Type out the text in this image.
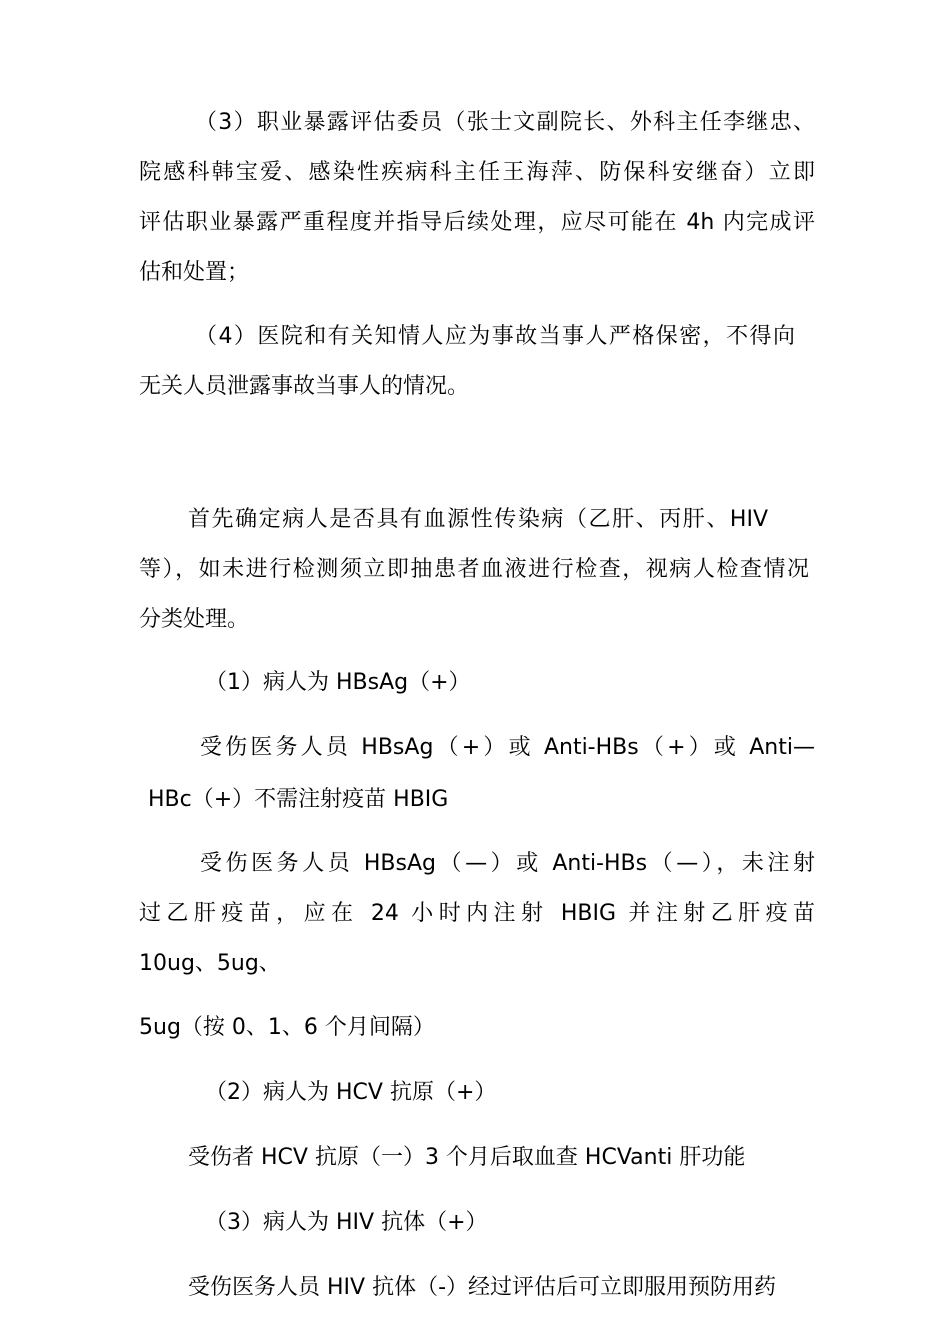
（3）职业暴露评估委员（张士文副院长、外科主任李继忠、
院感科韩宝爱、感染性疾病科主任王海萍、防保科安继奋）立即
评估职业暴露严重程度并指导后续处理，应尽可能在 4h 内完成评
估和处置；
（4）医院和有关知情人应为事故当事人严格保密，不得向
无关人员泄露事故当事人的情况。
首先确定病人是否具有血源性传染病（乙肝、丙肝、HIV
等），如未进行检测须立即抽患者血液进行检查，视病人检查情况
分类处理。
（1）病人为 HBsAg（+）
受伤医务人员 HBsAg（+）或 Anti-HBs（+）或 Anti—
HBc（+）不需注射疫苗 HBIG
受伤医务人员 HBsAg（—）或 Anti-HBs（—），未注射
过乙肝疫苗，应在 24 小时内注射 HBIG 并注射乙肝疫苗
10ug、5ug、
5ug（按 0、1、6 个月间隔）
（2）病人为 HCV 抗原（+）
受伤者 HCV 抗原（一）3 个月后取血查 HCVanti 肝功能
（3）病人为 HIV 抗体（+）
受伤医务人员 HIV 抗体（-）经过评估后可立即服用预防用药
